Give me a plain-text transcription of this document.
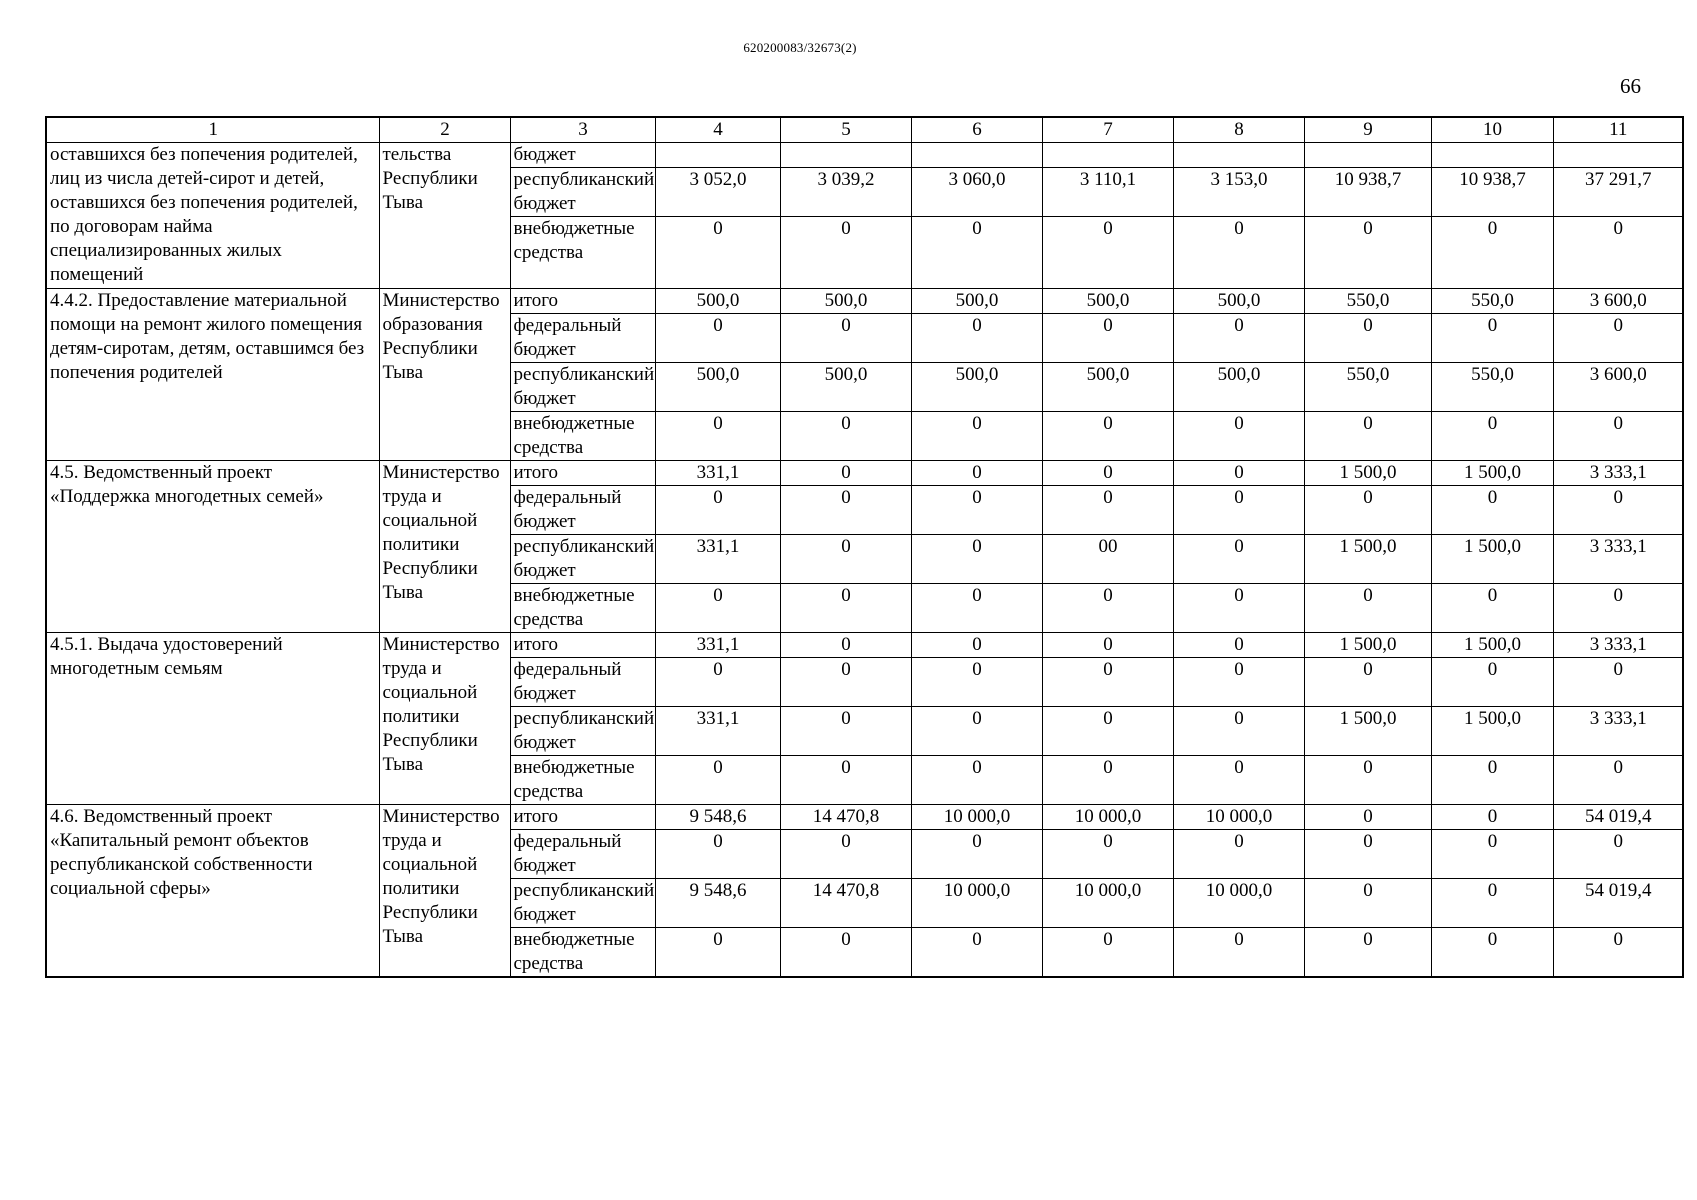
620200083/32673(2)
66
1	2	3	4	5	6	7	8	9	10	11
оставшихся без попечения родителей, лиц из числа детей-сирот и детей, оставшихся без попечения родителей, по договорам найма специализированных жилых помещений	тельства Республики Тыва	бюджет								
		республиканский бюджет	3 052,0	3 039,2	3 060,0	3 110,1	3 153,0	10 938,7	10 938,7	37 291,7
		внебюджетные средства	0	0	0	0	0	0	0	0
4.4.2. Предоставление материальной помощи на ремонт жилого помещения детям-сиротам, детям, оставшимся без попечения родителей	Министерство образования Республики Тыва	итого	500,0	500,0	500,0	500,0	500,0	550,0	550,0	3 600,0
		федеральный бюджет	0	0	0	0	0	0	0	0
		республиканский бюджет	500,0	500,0	500,0	500,0	500,0	550,0	550,0	3 600,0
		внебюджетные средства	0	0	0	0	0	0	0	0
4.5. Ведомственный проект «Поддержка многодетных семей»	Министерство труда и социальной политики Республики Тыва	итого	331,1	0	0	0	0	1 500,0	1 500,0	3 333,1
		федеральный бюджет	0	0	0	0	0	0	0	0
		республиканский бюджет	331,1	0	0	00	0	1 500,0	1 500,0	3 333,1
		внебюджетные средства	0	0	0	0	0	0	0	0
4.5.1. Выдача удостоверений многодетным семьям	Министерство труда и социальной политики Республики Тыва	итого	331,1	0	0	0	0	1 500,0	1 500,0	3 333,1
		федеральный бюджет	0	0	0	0	0	0	0	0
		республиканский бюджет	331,1	0	0	0	0	1 500,0	1 500,0	3 333,1
		внебюджетные средства	0	0	0	0	0	0	0	0
4.6. Ведомственный проект «Капитальный ремонт объектов республиканской собственности социальной сферы»	Министерство труда и социальной политики Республики Тыва	итого	9 548,6	14 470,8	10 000,0	10 000,0	10 000,0	0	0	54 019,4
		федеральный бюджет	0	0	0	0	0	0	0	0
		республиканский бюджет	9 548,6	14 470,8	10 000,0	10 000,0	10 000,0	0	0	54 019,4
		внебюджетные средства	0	0	0	0	0	0	0	0
